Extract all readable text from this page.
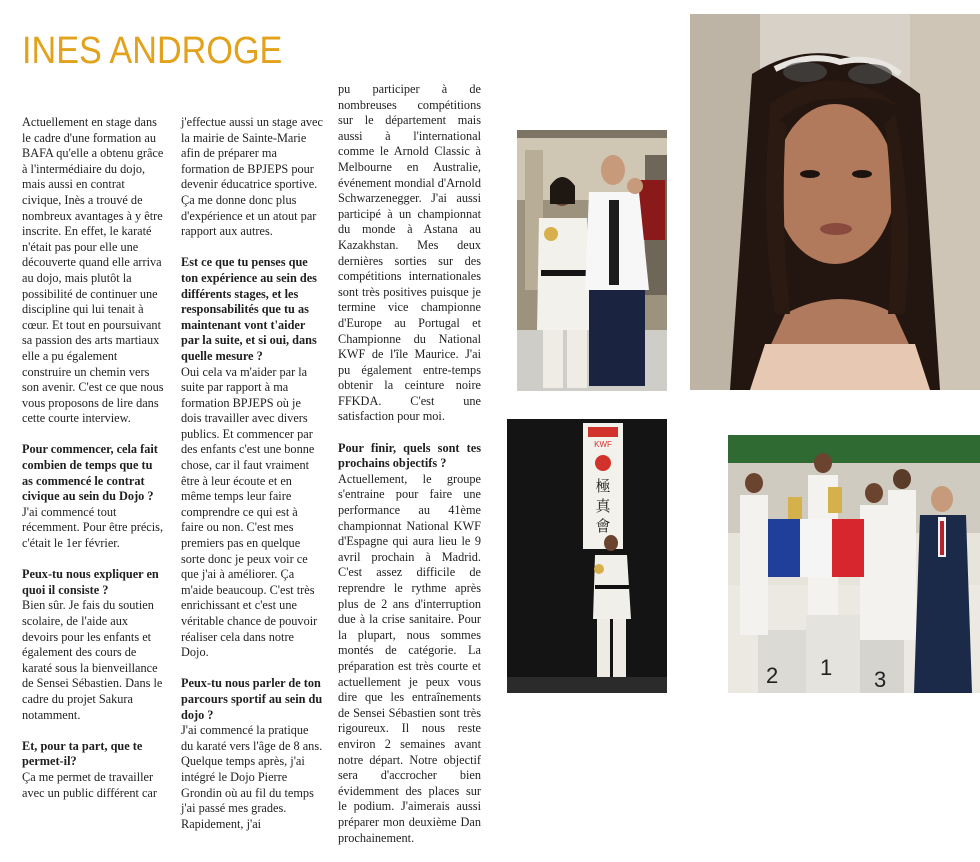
INES ANDROGE

Actuellement en stage dans le cadre d'une formation au BAFA qu'elle a obtenu grâce à l'intermédiaire du dojo, mais aussi en contrat civique, Inès a trouvé de nombreux avantages à y être inscrite. En effet, le karaté n'était pas pour elle une découverte quand elle arriva au dojo, mais plutôt la possibilité de continuer une discipline qui lui tenait à cœur. Et tout en poursuivant sa passion des arts martiaux elle a pu également construire un chemin vers son avenir. C'est ce que nous vous proposons de lire dans cette courte interview.

Pour commencer, cela fait combien de temps que tu as commencé le contrat civique au sein du Dojo ?
J'ai commencé tout récemment. Pour être précis, c'était le 1er février.

Peux-tu nous expliquer en quoi il consiste ?
Bien sûr. Je fais du soutien scolaire, de l'aide aux devoirs pour les enfants et également des cours de karaté sous la bienveillance de Sensei Sébastien. Dans le cadre du projet Sakura notamment.

Et, pour ta part, que te permet-il?
Ça me permet de travailler avec un public différent car

j'effectue aussi un stage avec la mairie de Sainte-Marie afin de préparer ma formation de BPJEPS pour devenir éducatrice sportive. Ça me donne donc plus d'expérience et un atout par rapport aux autres.

Est ce que tu penses que ton expérience au sein des différents stages, et les responsabilités que tu as maintenant vont t'aider par la suite, et si oui, dans quelle mesure ?
Oui cela va m'aider par la suite par rapport à ma formation BPJEPS où je dois travailler avec divers publics. Et commencer par des enfants c'est une bonne chose, car il faut vraiment être à leur écoute et en même temps leur faire comprendre ce qui est à faire ou non. C'est mes premiers pas en quelque sorte donc je peux voir ce que j'ai à améliorer. Ça m'aide beaucoup. C'est très enrichissant et c'est une véritable chance de pouvoir réaliser cela dans notre Dojo.

Peux-tu nous parler de ton parcours sportif au sein du dojo ?
J'ai commencé la pratique du karaté vers l'âge de 8 ans. Quelque temps après, j'ai intégré le Dojo Pierre Grondin où au fil du temps j'ai passé mes grades. Rapidement, j'ai

pu participer à de nombreuses compétitions sur le département mais aussi à l'international comme le Arnold Classic à Melbourne en Australie, événement mondial d'Arnold Schwarzenegger. J'ai aussi participé à un championnat du monde à Astana au Kazakhstan. Mes deux dernières sorties sur des compétitions internationales sont très positives puisque je termine vice championne d'Europe au Portugal et Championne du National KWF de l'île Maurice. J'ai pu également entre-temps obtenir la ceinture noire FFKDA. C'est une satisfaction pour moi.

Pour finir, quels sont tes prochains objectifs ?
Actuellement, le groupe s'entraine pour faire une performance au 41ème championnat National KWF d'Espagne qui aura lieu le 9 avril prochain à Madrid. C'est assez difficile de reprendre le rythme après plus de 2 ans d'interruption due à la crise sanitaire. Pour la plupart, nous sommes montés de catégorie. La préparation est très courte et actuellement je peux vous dire que les entraînements de Sensei Sébastien sont très rigoureux. Il nous reste environ 2 semaines avant notre départ. Notre objectif sera d'accrocher bien évidemment des places sur le podium. J'aimerais aussi préparer mon deuxième Dan prochainement.

KWF
極
真
會
2 1 3
